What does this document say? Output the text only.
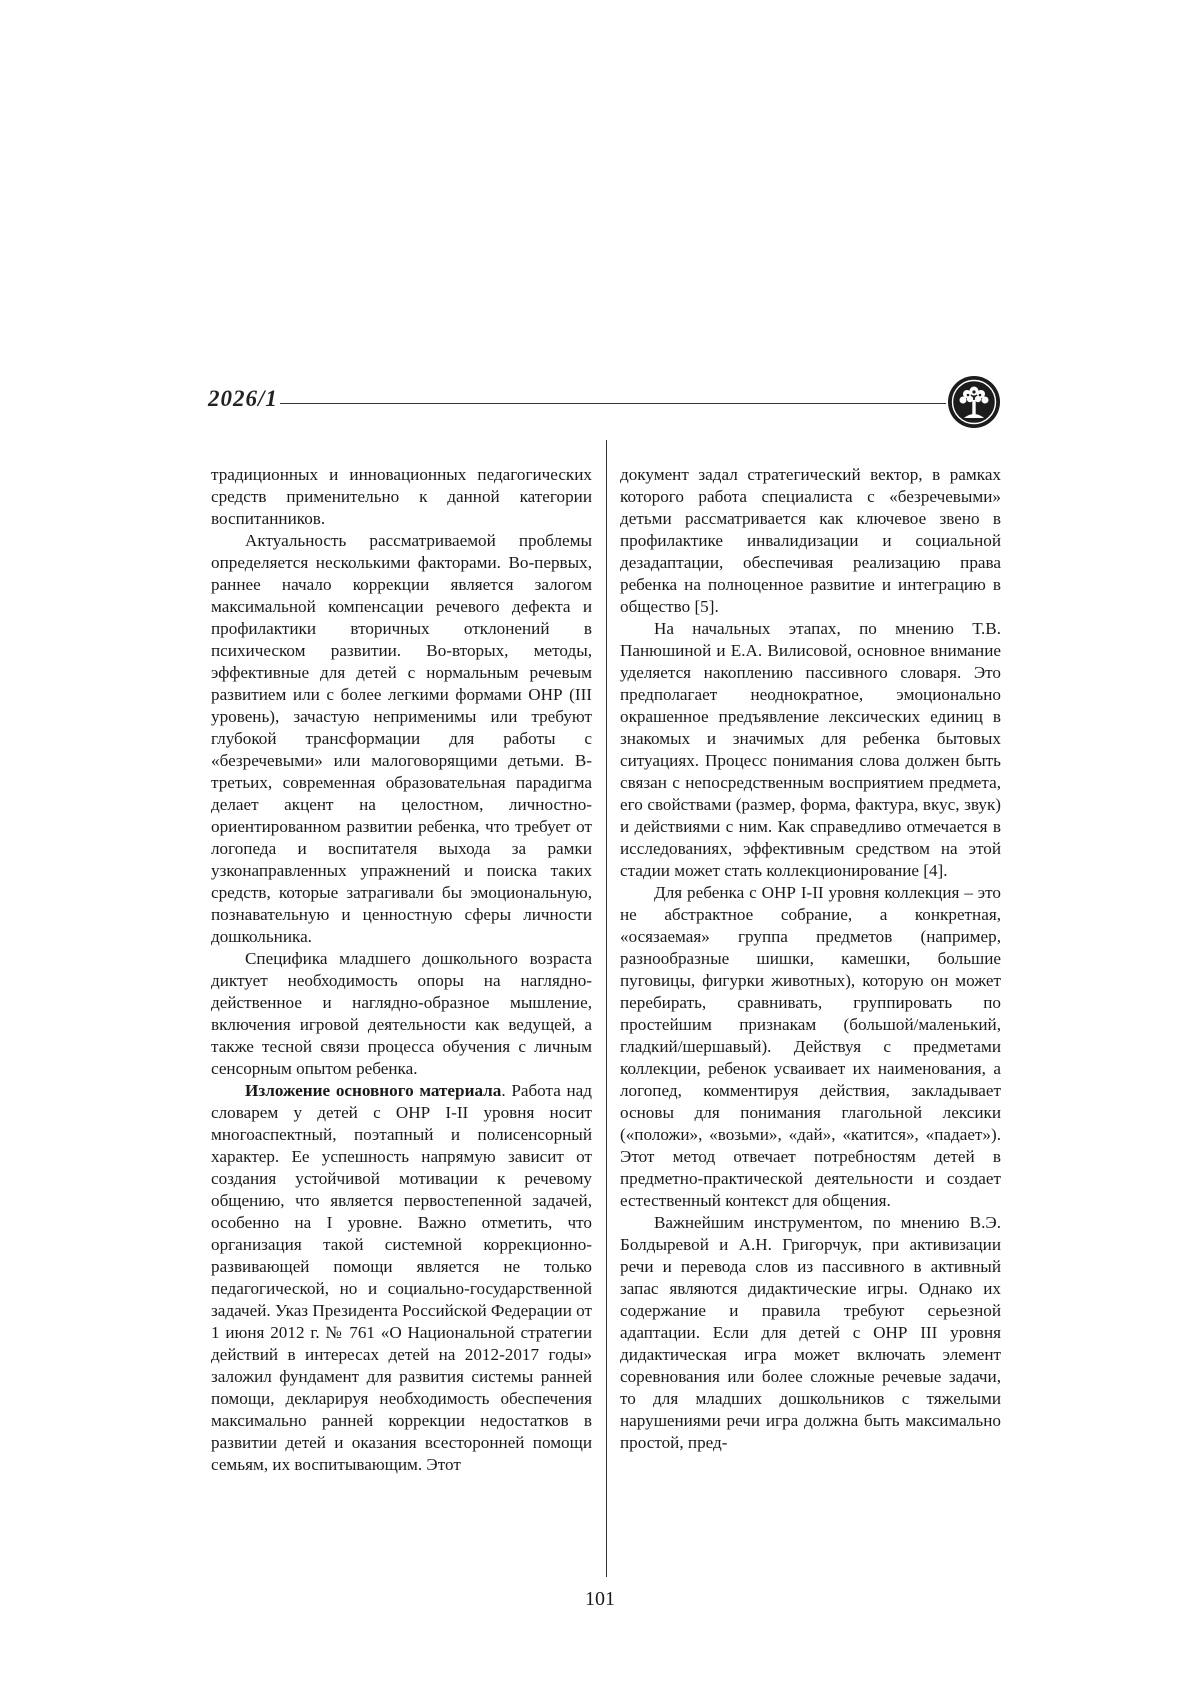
2026/1

традиционных и инновационных педагогических средств применительно к данной категории воспитанников.

Актуальность рассматриваемой проблемы определяется несколькими факторами. Во-первых, раннее начало коррекции является залогом максимальной компенсации речевого дефекта и профилактики вторичных отклонений в психическом развитии. Во-вторых, методы, эффективные для детей с нормальным речевым развитием или с более легкими формами ОНР (III уровень), зачастую неприменимы или требуют глубокой трансформации для работы с «безречевыми» или малоговорящими детьми. В-третьих, современная образовательная парадигма делает акцент на целостном, личностно-ориентированном развитии ребенка, что требует от логопеда и воспитателя выхода за рамки узконаправленных упражнений и поиска таких средств, которые затрагивали бы эмоциональную, познавательную и ценностную сферы личности дошкольника.

Специфика младшего дошкольного возраста диктует необходимость опоры на наглядно-действенное и наглядно-образное мышление, включения игровой деятельности как ведущей, а также тесной связи процесса обучения с личным сенсорным опытом ребенка.

Изложение основного материала. Работа над словарем у детей с ОНР I-II уровня носит многоаспектный, поэтапный и полисенсорный характер. Ее успешность напрямую зависит от создания устойчивой мотивации к речевому общению, что является первостепенной задачей, особенно на I уровне. Важно отметить, что организация такой системной коррекционно-развивающей помощи является не только педагогической, но и социально-государственной задачей. Указ Президента Российской Федерации от 1 июня 2012 г. № 761 «О Национальной стратегии действий в интересах детей на 2012-2017 годы» заложил фундамент для развития системы ранней помощи, декларируя необходимость обеспечения максимально ранней коррекции недостатков в развитии детей и оказания всесторонней помощи семьям, их воспитывающим. Этот

документ задал стратегический вектор, в рамках которого работа специалиста с «безречевыми» детьми рассматривается как ключевое звено в профилактике инвалидизации и социальной дезадаптации, обеспечивая реализацию права ребенка на полноценное развитие и интеграцию в общество [5].

На начальных этапах, по мнению Т.В. Панюшиной и Е.А. Вилисовой, основное внимание уделяется накоплению пассивного словаря. Это предполагает неоднократное, эмоционально окрашенное предъявление лексических единиц в знакомых и значимых для ребенка бытовых ситуациях. Процесс понимания слова должен быть связан с непосредственным восприятием предмета, его свойствами (размер, форма, фактура, вкус, звук) и действиями с ним. Как справедливо отмечается в исследованиях, эффективным средством на этой стадии может стать коллекционирование [4].

Для ребенка с ОНР I-II уровня коллекция – это не абстрактное собрание, а конкретная, «осязаемая» группа предметов (например, разнообразные шишки, камешки, большие пуговицы, фигурки животных), которую он может перебирать, сравнивать, группировать по простейшим признакам (большой/маленький, гладкий/шершавый). Действуя с предметами коллекции, ребенок усваивает их наименования, а логопед, комментируя действия, закладывает основы для понимания глагольной лексики («положи», «возьми», «дай», «катится», «падает»). Этот метод отвечает потребностям детей в предметно-практической деятельности и создает естественный контекст для общения.

Важнейшим инструментом, по мнению В.Э. Болдыревой и А.Н. Григорчук, при активизации речи и перевода слов из пассивного в активный запас являются дидактические игры. Однако их содержание и правила требуют серьезной адаптации. Если для детей с ОНР III уровня дидактическая игра может включать элемент соревнования или более сложные речевые задачи, то для младших дошкольников с тяжелыми нарушениями речи игра должна быть максимально простой, пред-

101
